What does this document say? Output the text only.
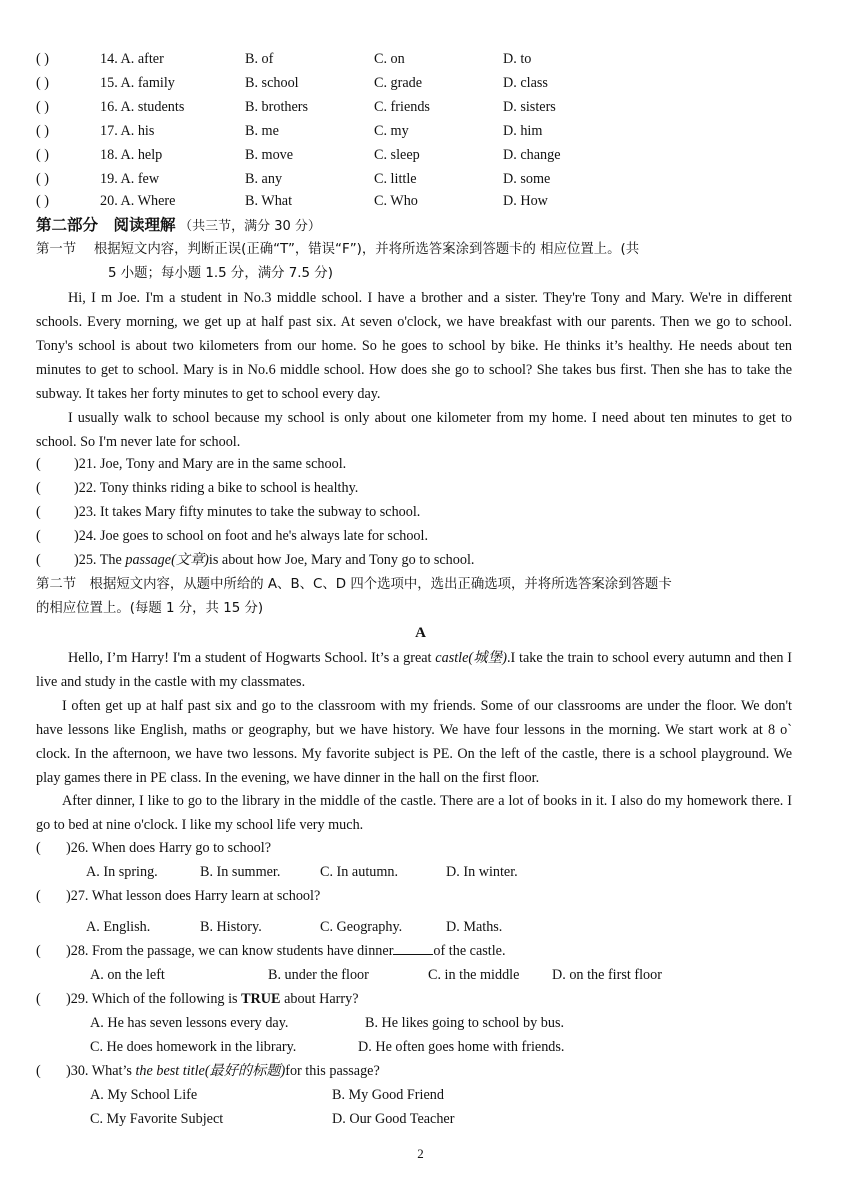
( )	14. A. after	B. of	C. on	D. to
( )	15. A. family	B. school	C. grade	D. class
( )	16. A. students	B. brothers	C. friends	D. sisters
( )	17. A. his	B. me	C. my	D. him
( )	18. A. help	B. move	C. sleep	D. change
( )	19. A. few	B. any	C. little	D. some
( )	20. A. Where	B. What	C. Who	D. How
第二部分　阅读理解 （共三节，满分 30 分）
第一节　 根据短文内容，判断正误(正确“T”，错误“F”)，并将所选答案涂到答题卡的 相应位置上。(共
5 小题；每小题 1.5 分，满分 7.5 分)
Hi, I m Joe. I'm a student in No.3 middle school. I have a brother and a sister. They're Tony and Mary. We're in different schools. Every morning, we get up at half past six. At seven o'clock, we have breakfast with our parents. Then we go to school. Tony's school is about two kilometers from our home. So he goes to school by bike. He thinks it’s healthy. He needs about ten minutes to get to school. Mary is in No.6 middle school. How does she go to school? She takes bus first. Then she has to take the subway. It takes her forty minutes to get to school every day.
I usually walk to school because my school is only about one kilometer from my home. I need about ten minutes to get to school. So I'm never late for school.
( )21. Joe, Tony and Mary are in the same school.
( )22. Tony thinks riding a bike to school is healthy.
( )23. It takes Mary fifty minutes to take the subway to school.
( )24. Joe goes to school on foot and he's always late for school.
( )25. The passage(文章)is about how Joe, Mary and Tony go to school.
第二节　根据短文内容，从题中所给的 A、B、C、D 四个选项中，选出正确选项，并将所选答案涂到答题卡
的相应位置上。(每题 1 分，共 15 分)
A
Hello, I’m Harry! I'm a student of Hogwarts School. It’s a great castle(城堡).I take the train to school every autumn and then I live and study in the castle with my classmates.
I often get up at half past six and go to the classroom with my friends. Some of our classrooms are under the floor. We don't have lessons like English, maths or geography, but we have history. We have four lessons in the morning. We start work at 8 o` clock. In the afternoon, we have two lessons. My favorite subject is PE. On the left of the castle, there is a school playground. We play games there in PE class. In the evening, we have dinner in the hall on the first floor.
After dinner, I like to go to the library in the middle of the castle. There are a lot of books in it. I also do my homework there. I go to bed at nine o'clock. I like my school life very much.
( )26. When does Harry go to school?
A. In spring.	B. In summer.	C. In autumn.	D. In winter.
( )27. What lesson does Harry learn at school?
A. English.	B. History.	C. Geography.	D. Maths.
( )28. From the passage, we can know students have dinner	of the castle.
A. on the left	B. under the floor	C. in the middle D. on the first floor
( )29. Which of the following is TRUE about Harry?
A. He has seven lessons every day.	B. He likes going to school by bus.
C. He does homework in the library.	D. He often goes home with friends.
( )30. What’s the best title(最好的标题)for this passage?
A. My School Life	B. My Good Friend
C. My Favorite Subject	D. Our Good Teacher
2
